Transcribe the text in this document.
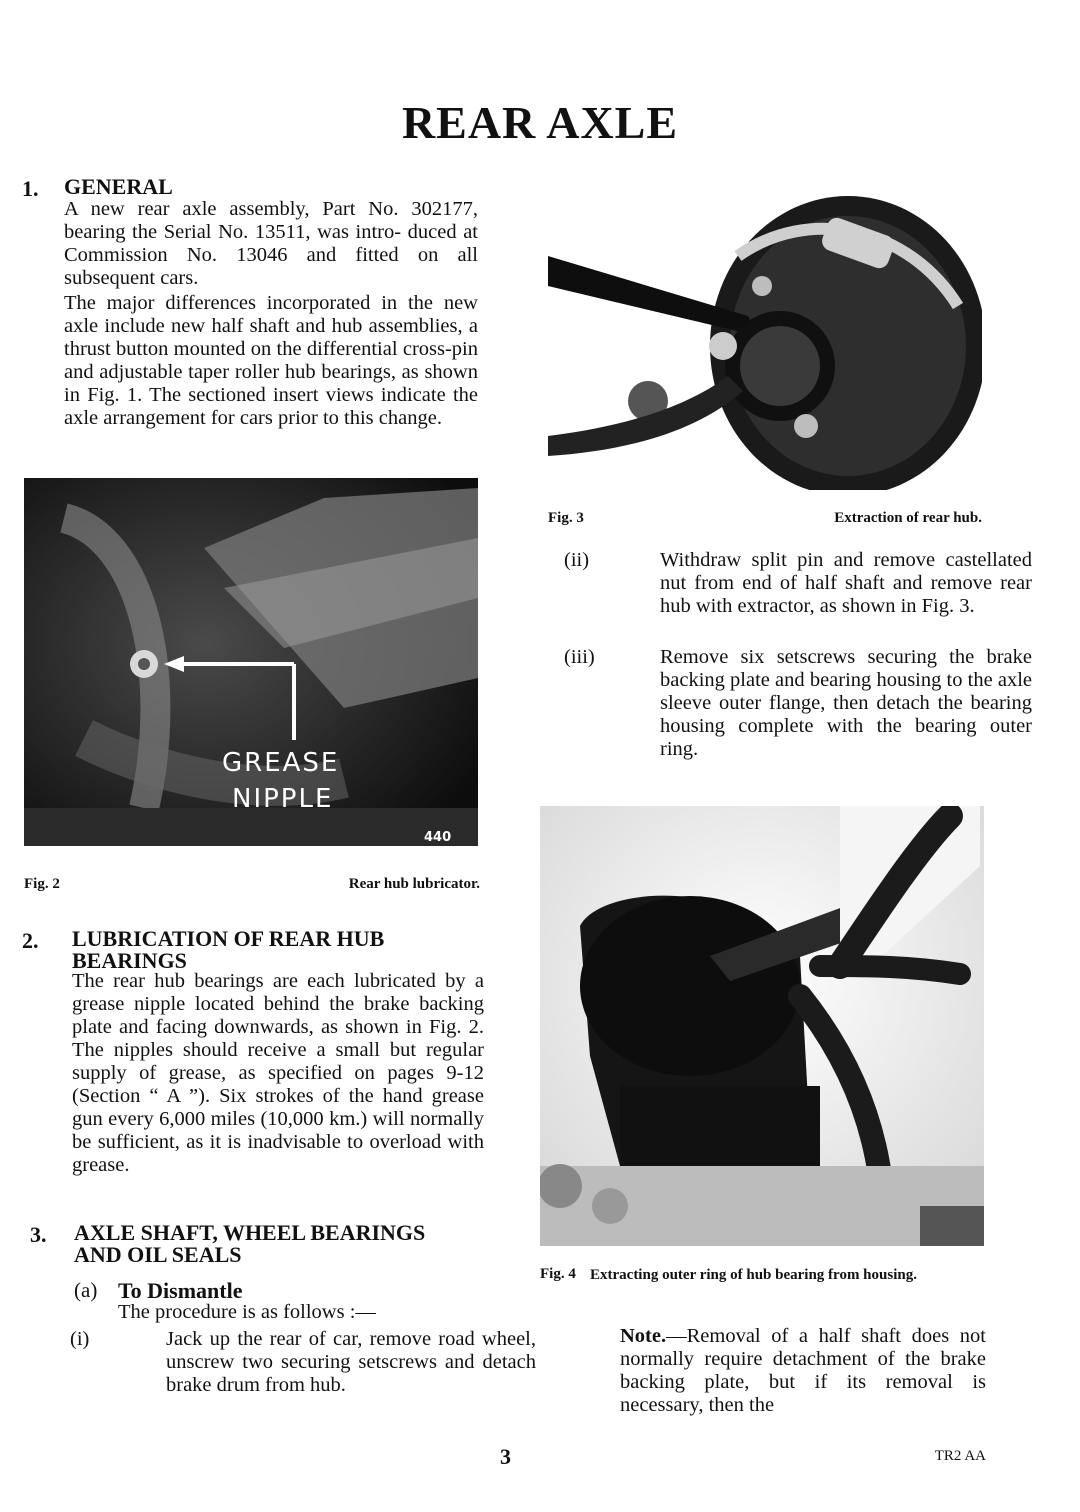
REAR AXLE
1. GENERAL
A new rear axle assembly, Part No. 302177, bearing the Serial No. 13511, was intro- duced at Commission No. 13046 and fitted on all subsequent cars.
The major differences incorporated in the new axle include new half shaft and hub assemblies, a thrust button mounted on the differential cross-pin and adjustable taper roller hub bearings, as shown in Fig. 1. The sectioned insert views indicate the axle arrangement for cars prior to this change.
GREASE
NIPPLE
440
Fig. 2	Rear hub lubricator.
2. LUBRICATION OF REAR HUB
BEARINGS
The rear hub bearings are each lubricated by a grease nipple located behind the brake backing plate and facing downwards, as shown in Fig. 2. The nipples should receive a small but regular supply of grease, as specified on pages 9-12 (Section “ A ”). Six strokes of the hand grease gun every 6,000 miles (10,000 km.) will normally be sufficient, as it is inadvisable to overload with grease.
3. AXLE SHAFT, WHEEL BEARINGS
AND OIL SEALS
(a) To Dismantle
The procedure is as follows :—
(i)	Jack up the rear of car, remove road wheel, unscrew two securing setscrews and detach brake drum from hub.
Fig. 3	Extraction of rear hub.
(ii)	Withdraw split pin and remove castellated nut from end of half shaft and remove rear hub with extractor, as shown in Fig. 3.
(iii)	Remove six setscrews securing the brake backing plate and bearing housing to the axle sleeve outer flange, then detach the bearing housing complete with the bearing outer ring.
Fig. 4 Extracting outer ring of hub bearing from housing.
Note.—Removal of a half shaft does not normally require detachment of the brake backing plate, but if its removal is necessary, then the
3	TR2 AA
